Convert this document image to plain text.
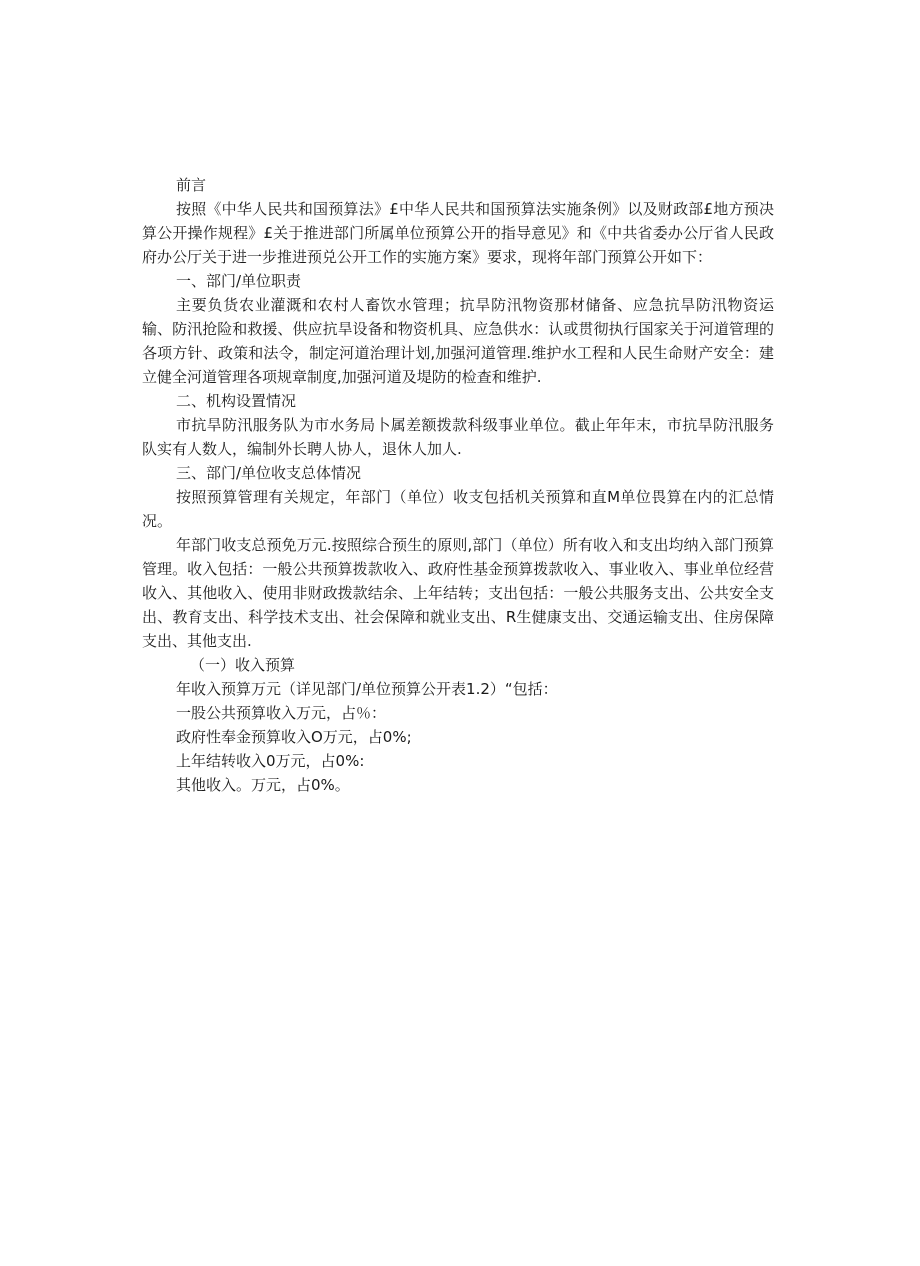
前言

按照《中华人民共和国预算法》£中华人民共和国预算法实施条例》以及财政部£地方预决算公开操作规程》£关于推进部门所属单位预算公开的指导意见》和《中共省委办公厅省人民政府办公厅关于进一步推进预兑公开工作的实施方案》要求，现将年部门预算公开如下：

一、部门/单位职责

主要负货农业灌溉和农村人畜饮水管理；抗旱防汛物资那材储备、应急抗旱防汛物资运输、防汛抢险和救援、供应抗旱设备和物资机具、应急供水：认或贯彻执行国家关于河道管理的各项方针、政策和法令，制定河道治理计划,加强河道管理.维护水工程和人民生命财产安全：建立健全河道管理各项规章制度,加强河道及堤防的检查和维护.

二、机构设置情况

市抗旱防汛服务队为市水务局卜属差额拨款科级事业单位。截止年年末，市抗旱防汛服务队实有人数人，编制外长聘人协人，退休人加人.

三、部门/单位收支总体情况

按照预算管理有关规定，年部门（单位）收支包括机关预算和直M单位畏算在内的汇总情况。

年部门收支总预免万元.按照综合预生的原则,部门（单位）所有收入和支出均纳入部门预算管理。收入包括：一般公共预算拨款收入、政府性基金预算拨款收入、事业收入、事业单位经营收入、其他收入、使用非财政拨款结余、上年结转；支出包括：一般公共服务支出、公共安全支出、教育支出、科学技术支出、社会保障和就业支出、R生健康支出、交通运输支出、住房保障支出、其他支出.

（一）收入预算

年收入预算万元（详见部门/单位预算公开表1.2）“包括：

一股公共预算收入万元，占％：

政府性奉金预算收入O万元，占0%;

上年结转收入0万元，占0%:

其他收入。万元，占0%。
